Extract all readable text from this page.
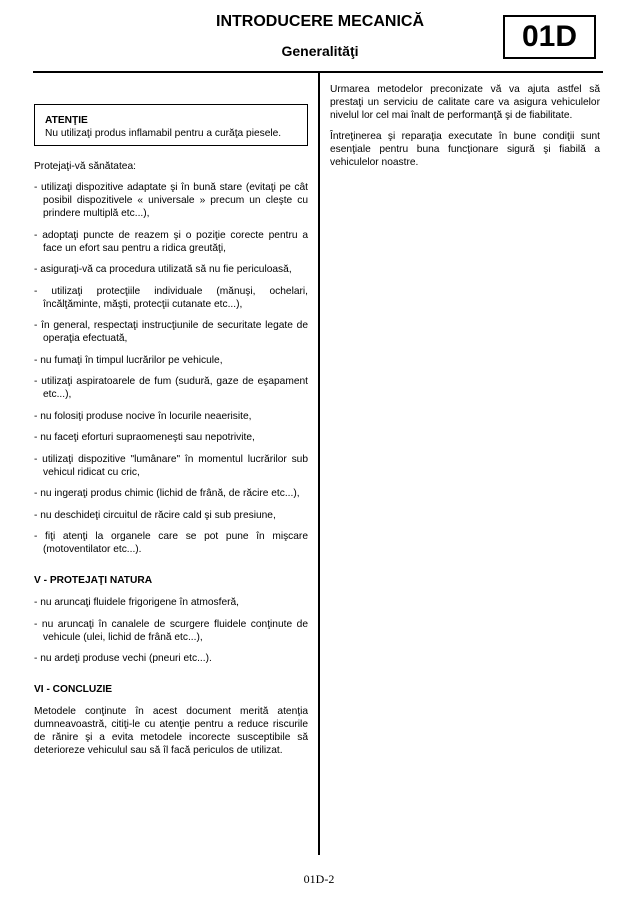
INTRODUCERE MECANICĂ
Generalităţi	01D
ATENŢIE
Nu utilizaţi produs inflamabil pentru a curăţa piesele.

Protejaţi-vă sănătatea:

- utilizaţi dispozitive adaptate şi în bună stare (evitaţi pe cât posibil dispozitivele « universale » precum un cleşte cu prindere multiplă etc...),
- adoptaţi puncte de reazem şi o poziţie corecte pentru a face un efort sau pentru a ridica greutăţi,
- asiguraţi-vă ca procedura utilizată să nu fie periculoasă,
- utilizaţi protecţiile individuale (mănuşi, ochelari, încălţăminte, măşti, protecţii cutanate etc...),
- în general, respectaţi instrucţiunile de securitate legate de operaţia efectuată,
- nu fumaţi în timpul lucrărilor pe vehicule,
- utilizaţi aspiratoarele de fum (sudură, gaze de eşapament etc...),
- nu folosiţi produse nocive în locurile neaerisite,
- nu faceţi eforturi supraomeneşti sau nepotrivite,
- utilizaţi dispozitive "lumânare" în momentul lucrărilor sub vehicul ridicat cu cric,
- nu ingeraţi produs chimic (lichid de frână, de răcire etc...),
- nu deschideţi circuitul de răcire cald şi sub presiune,
- fiţi atenţi la organele care se pot pune în mişcare (motoventilator etc...).
V - PROTEJAŢI NATURA
- nu aruncaţi fluidele frigorigene în atmosferă,
- nu aruncaţi în canalele de scurgere fluidele conţinute de vehicule (ulei, lichid de frână etc...),
- nu ardeţi produse vechi (pneuri etc...).
VI - CONCLUZIE

Metodele conţinute în acest document merită atenţia dumneavoastră, citiţi-le cu atenţie pentru a reduce riscurile de rănire şi a evita metodele incorecte susceptibile să deterioreze vehiculul sau să îl facă periculos de utilizat.

Urmarea metodelor preconizate vă va ajuta astfel să prestaţi un serviciu de calitate care va asigura vehiculelor nivelul lor cel mai înalt de performanţă şi de fiabilitate.

Întreţinerea şi reparaţia executate în bune condiţii sunt esenţiale pentru buna funcţionare sigură şi fiabilă a vehiculelor noastre.

01D-2
